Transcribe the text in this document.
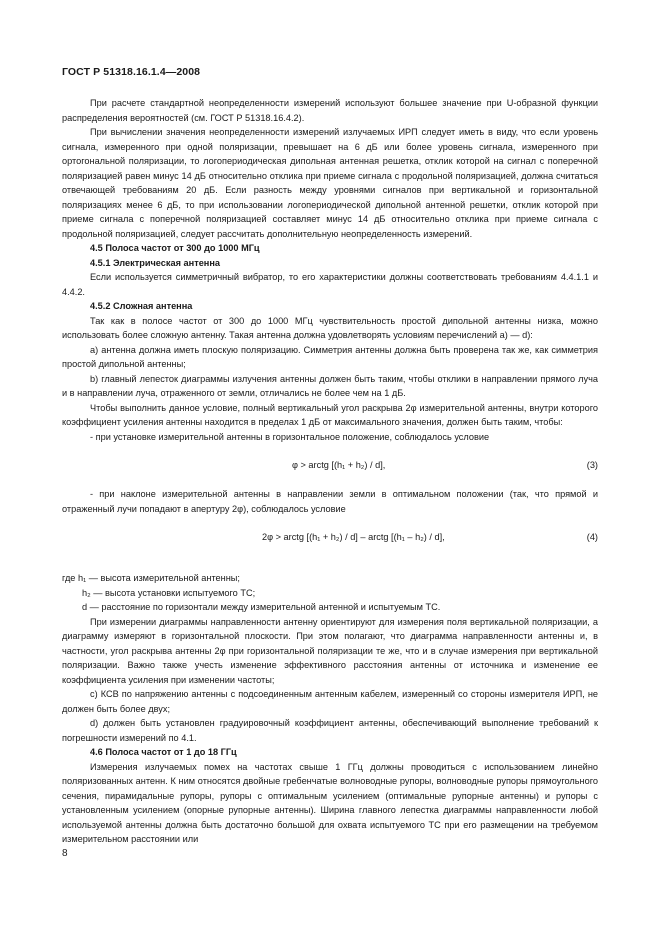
ГОСТ Р 51318.16.1.4—2008

При расчете стандартной неопределенности измерений используют большее значение при U-образной функции распределения вероятностей (см. ГОСТ Р 51318.16.4.2).

При вычислении значения неопределенности измерений излучаемых ИРП следует иметь в виду, что если уровень сигнала, измеренного при одной поляризации, превышает на 6 дБ или более уровень сигнала, измеренного при ортогональной поляризации, то логопериодическая дипольная антенная решетка, отклик которой на сигнал с поперечной поляризацией равен минус 14 дБ относительно отклика при приеме сигнала с продольной поляризацией, должна считаться отвечающей требованиям 20 дБ. Если разность между уровнями сигналов при вертикальной и горизонтальной поляризациях менее 6 дБ, то при использовании логопериодической дипольной антенной решетки, отклик которой при приеме сигнала с поперечной поляризацией составляет минус 14 дБ относительно отклика при приеме сигнала с продольной поляризацией, следует рассчитать дополнительную неопределенность измерений.

4.5 Полоса частот от 300 до 1000 МГц

4.5.1 Электрическая антенна

Если используется симметричный вибратор, то его характеристики должны соответствовать требованиям 4.4.1.1 и 4.4.2.

4.5.2 Сложная антенна

Так как в полосе частот от 300 до 1000 МГц чувствительность простой дипольной антенны низка, можно использовать более сложную антенну. Такая антенна должна удовлетворять условиям перечислений а) — d):

a) антенна должна иметь плоскую поляризацию. Симметрия антенны должна быть проверена так же, как симметрия простой дипольной антенны;

b) главный лепесток диаграммы излучения антенны должен быть таким, чтобы отклики в направлении прямого луча и в направлении луча, отраженного от земли, отличались не более чем на 1 дБ.

Чтобы выполнить данное условие, полный вертикальный угол раскрыва 2φ измерительной антенны, внутри которого коэффициент усиления антенны находится в пределах 1 дБ от максимального значения, должен быть таким, чтобы:

- при установке измерительной антенны в горизонтальное положение, соблюдалось условие

φ > arctg [(h₁ + h₂) / d],	(3)

- при наклоне измерительной антенны в направлении земли в оптимальном положении (так, что прямой и отраженный лучи попадают в апертуру 2φ), соблюдалось условие

2φ > arctg [(h₁ + h₂) / d] – arctg [(h₁ – h₂) / d],	(4)

где h₁ — высота измерительной антенны;

h₂ — высота установки испытуемого ТС;

d — расстояние по горизонтали между измерительной антенной и испытуемым ТС.

При измерении диаграммы направленности антенну ориентируют для измерения поля вертикальной поляризации, а диаграмму измеряют в горизонтальной плоскости. При этом полагают, что диаграмма направленности антенны и, в частности, угол раскрыва антенны 2φ при горизонтальной поляризации те же, что и в случае измерения при вертикальной поляризации. Важно также учесть изменение эффективного расстояния антенны от источника и изменение ее коэффициента усиления при изменении частоты;

c) КСВ по напряжению антенны с подсоединенным антенным кабелем, измеренный со стороны измерителя ИРП, не должен быть более двух;

d) должен быть установлен градуировочный коэффициент антенны, обеспечивающий выполнение требований к погрешности измерений по 4.1.

4.6 Полоса частот от 1 до 18 ГГц

Измерения излучаемых помех на частотах свыше 1 ГГц должны проводиться с использованием линейно поляризованных антенн. К ним относятся двойные гребенчатые волноводные рупоры, волноводные рупоры прямоугольного сечения, пирамидальные рупоры, рупоры с оптимальным усилением (оптимальные рупорные антенны) и рупоры с установленным усилением (опорные рупорные антенны). Ширина главного лепестка диаграммы направленности любой используемой антенны должна быть достаточно большой для охвата испытуемого ТС при его размещении на требуемом измерительном расстоянии или

8
